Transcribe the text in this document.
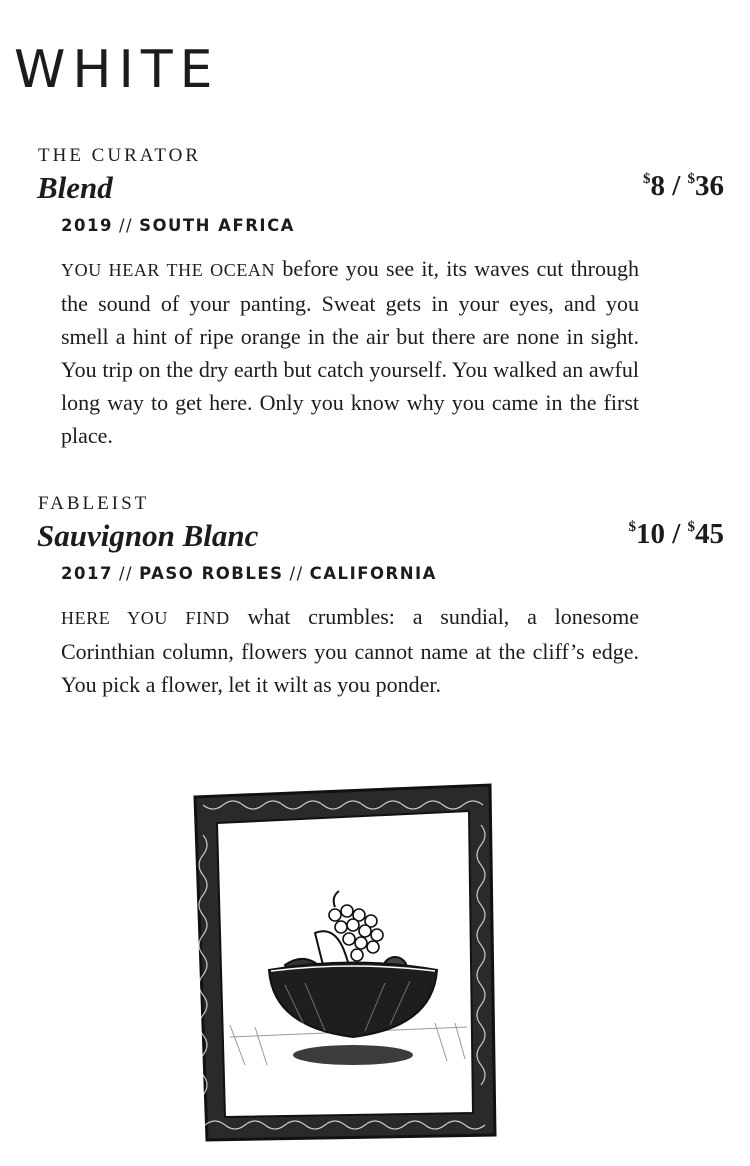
WHITE
THE CURATOR
Blend	$8 / $36
2019 // SOUTH AFRICA

YOU HEAR THE OCEAN before you see it, its waves cut through the sound of your panting. Sweat gets in your eyes, and you smell a hint of ripe orange in the air but there are none in sight. You trip on the dry earth but catch yourself. You walked an awful long way to get here. Only you know why you came in the first place.

FABLEIST
Sauvignon Blanc	$10 / $45
2017 // PASO ROBLES // CALIFORNIA

HERE YOU FIND what crumbles: a sundial, a lonesome Corinthian column, flowers you cannot name at the cliff’s edge. You pick a flower, let it wilt as you ponder.
